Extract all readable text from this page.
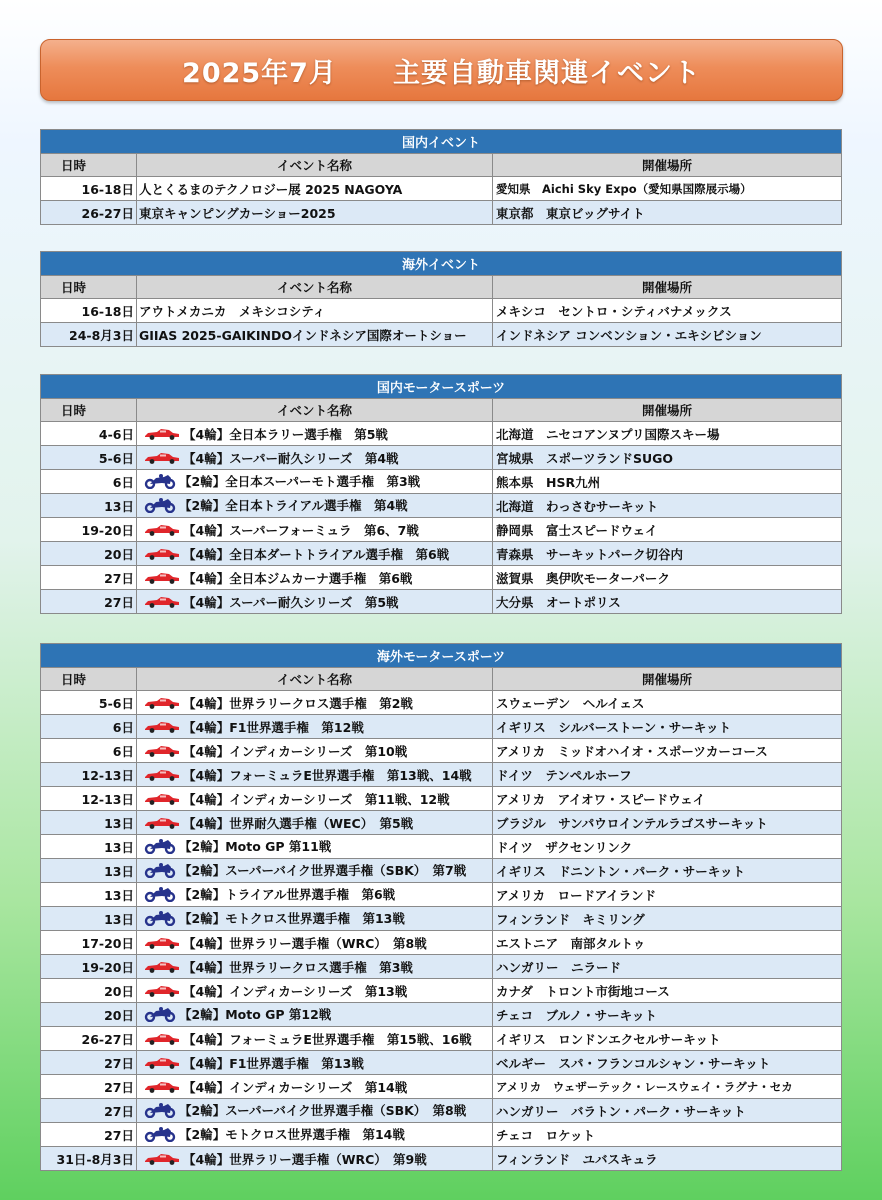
2025年7月　　主要自動車関連イベント
国内イベント		
日時	イベント名称	開催場所
16-18日	人とくるまのテクノロジー展 2025 NAGOYA	愛知県　Aichi Sky Expo（愛知県国際展示場）
26-27日	東京キャンピングカーショー2025	東京都　東京ビッグサイト
海外イベント		
日時	イベント名称	開催場所
16-18日	アウトメカニカ　メキシコシティ	メキシコ　セントロ・シティバナメックス
24-8月3日	GIIAS 2025-GAIKINDOインドネシア国際オートショー	インドネシア コンベンション・エキシビション
国内モータースポーツ		
日時	イベント名称	開催場所
4-6日	【4輪】全日本ラリー選手権　第5戦	北海道　ニセコアンヌプリ国際スキー場
5-6日	【4輪】スーパー耐久シリーズ　第4戦	宮城県　スポーツランドSUGO
6日	【2輪】全日本スーパーモト選手権　第3戦	熊本県　HSR九州
13日	【2輪】全日本トライアル選手権　第4戦	北海道　わっさむサーキット
19-20日	【4輪】スーパーフォーミュラ　第6、7戦	静岡県　富士スピードウェイ
20日	【4輪】全日本ダートトライアル選手権　第6戦	青森県　サーキットパーク切谷内
27日	【4輪】全日本ジムカーナ選手権　第6戦	滋賀県　奥伊吹モーターパーク
27日	【4輪】スーパー耐久シリーズ　第5戦	大分県　オートポリス
海外モータースポーツ		
日時	イベント名称	開催場所
5-6日	【4輪】世界ラリークロス選手権　第2戦	スウェーデン　ヘルイェス
6日	【4輪】F1世界選手権　第12戦	イギリス　シルバーストーン・サーキット
6日	【4輪】インディカーシリーズ　第10戦	アメリカ　ミッドオハイオ・スポーツカーコース
12-13日	【4輪】フォーミュラE世界選手権　第13戦、14戦	ドイツ　テンペルホーフ
12-13日	【4輪】インディカーシリーズ　第11戦、12戦	アメリカ　アイオワ・スピードウェイ
13日	【4輪】世界耐久選手権（WEC）　第5戦	ブラジル　サンパウロインテルラゴスサーキット
13日	【2輪】Moto GP 第11戦	ドイツ　ザクセンリンク
13日	【2輪】スーパーバイク世界選手権（SBK）　第7戦	イギリス　ドニントン・パーク・サーキット
13日	【2輪】トライアル世界選手権　第6戦	アメリカ　ロードアイランド
13日	【2輪】モトクロス世界選手権　第13戦	フィンランド　キミリング
17-20日	【4輪】世界ラリー選手権（WRC）　第8戦	エストニア　南部タルトゥ
19-20日	【4輪】世界ラリークロス選手権　第3戦	ハンガリー　ニラード
20日	【4輪】インディカーシリーズ　第13戦	カナダ　トロント市街地コース
20日	【2輪】Moto GP 第12戦	チェコ　ブルノ・サーキット
26-27日	【4輪】フォーミュラE世界選手権　第15戦、16戦	イギリス　ロンドンエクセルサーキット
27日	【4輪】F1世界選手権　第13戦	ベルギー　スパ・フランコルシャン・サーキット
27日	【4輪】インディカーシリーズ　第14戦	アメリカ　ウェザーテック・レースウェイ・ラグナ・セカ
27日	【2輪】スーパーバイク世界選手権（SBK）　第8戦	ハンガリー　バラトン・パーク・サーキット
27日	【2輪】モトクロス世界選手権　第14戦	チェコ　ロケット
31日-8月3日	【4輪】世界ラリー選手権（WRC）　第9戦	フィンランド　ユバスキュラ
